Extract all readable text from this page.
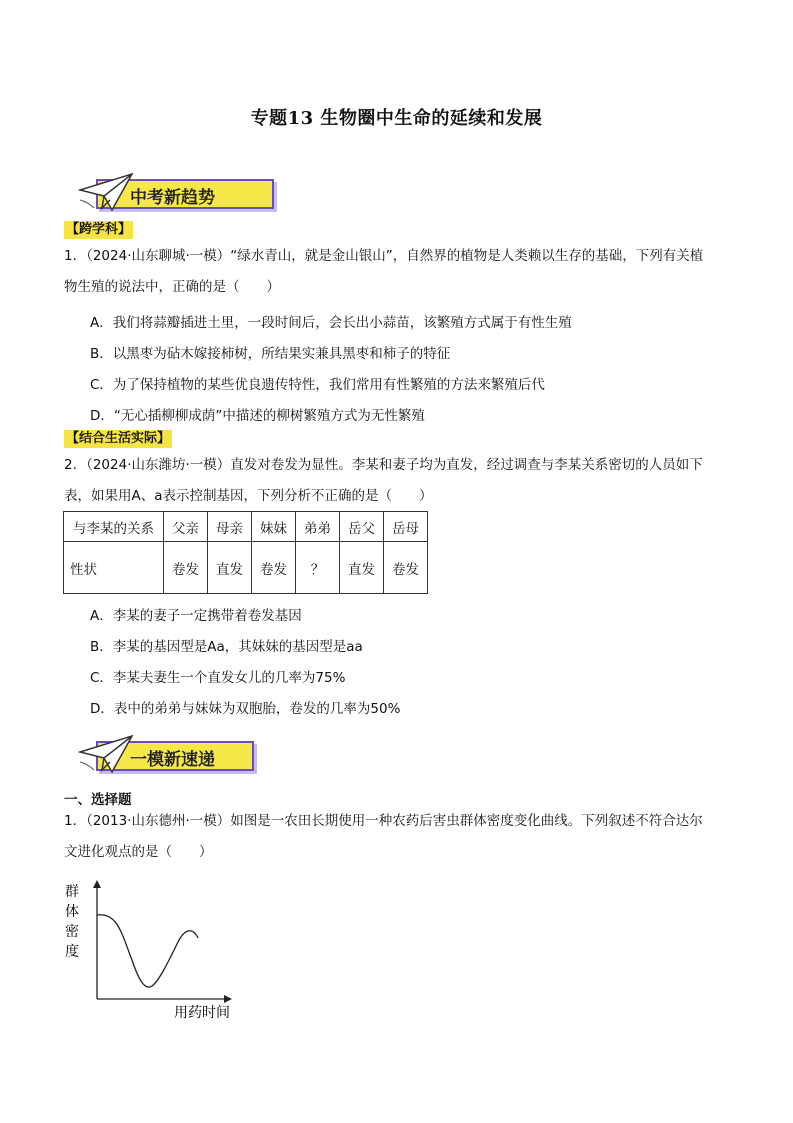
专题13 生物圈中生命的延续和发展
中考新趋势
【跨学科】
1．（2024·山东聊城·一模）“绿水青山，就是金山银山”，自然界的植物是人类赖以生存的基础，下列有关植
物生殖的说法中，正确的是（　　）
A．我们将蒜瓣插进土里，一段时间后，会长出小蒜苗，该繁殖方式属于有性生殖
B．以黑枣为砧木嫁接柿树，所结果实兼具黑枣和柿子的特征
C．为了保持植物的某些优良遗传特性，我们常用有性繁殖的方法来繁殖后代
D．“无心插柳柳成荫”中描述的柳树繁殖方式为无性繁殖
【结合生活实际】
2．（2024·山东潍坊·一模）直发对卷发为显性。李某和妻子均为直发，经过调查与李某关系密切的人员如下
表，如果用A、a表示控制基因，下列分析不正确的是（　　）
与李某的关系	父亲	母亲	妹妹	弟弟	岳父	岳母
性状	卷发	直发	卷发	？	直发	卷发
A．李某的妻子一定携带着卷发基因
B．李某的基因型是Aa，其妹妹的基因型是aa
C．李某夫妻生一个直发女儿的几率为75%
D．表中的弟弟与妹妹为双胞胎，卷发的几率为50%
一模新速递
一、选择题
1．（2013·山东德州·一模）如图是一农田长期使用一种农药后害虫群体密度变化曲线。下列叙述不符合达尔
文进化观点的是（　　）
群
体
密
度
用药时间
